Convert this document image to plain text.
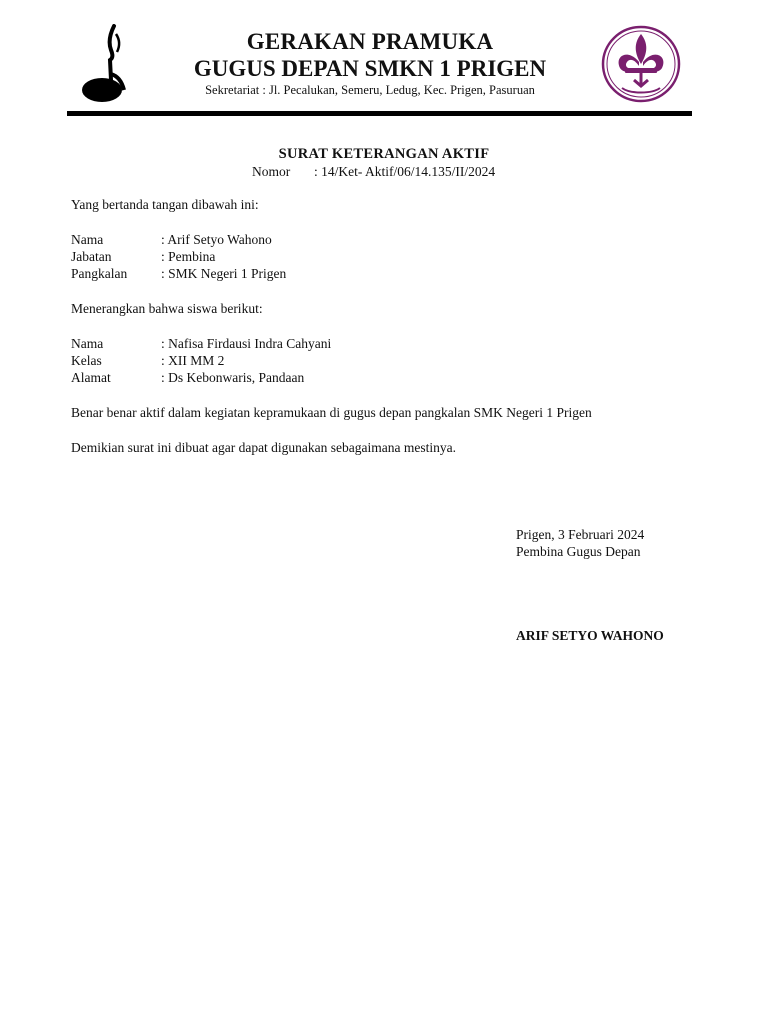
GERAKAN PRAMUKA
GUGUS DEPAN SMKN 1 PRIGEN
Sekretariat : Jl. Pecalukan, Semeru, Ledug, Kec. Prigen, Pasuruan
SURAT KETERANGAN AKTIF
Nomor : 14/Ket- Aktif/06/14.135/II/2024
Yang bertanda tangan dibawah ini:
Nama	: Arif Setyo Wahono
Jabatan	: Pembina
Pangkalan	: SMK Negeri 1 Prigen
Menerangkan bahwa siswa berikut:
Nama	: Nafisa Firdausi Indra Cahyani
Kelas	: XII MM 2
Alamat	: Ds Kebonwaris, Pandaan
Benar benar aktif dalam kegiatan kepramukaan di gugus depan pangkalan SMK Negeri 1 Prigen
Demikian surat ini dibuat agar dapat digunakan sebagaimana mestinya.
Prigen, 3 Februari 2024
Pembina Gugus Depan
ARIF SETYO WAHONO
